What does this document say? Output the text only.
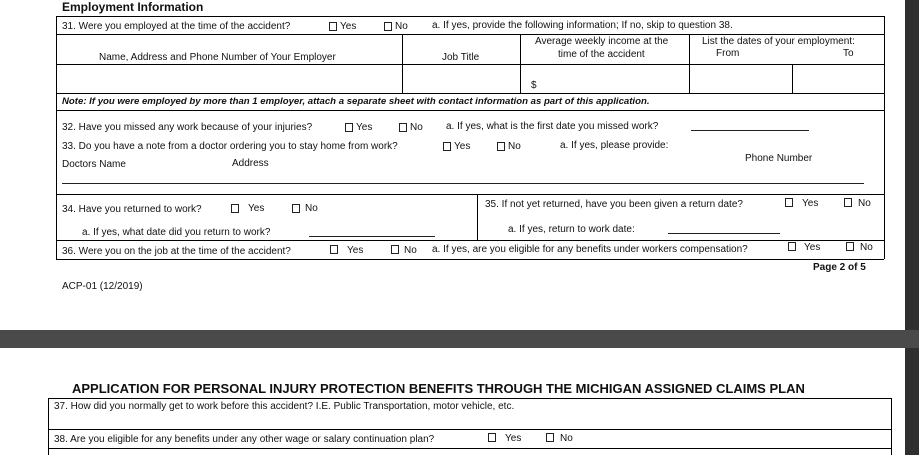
Employment Information
31. Were you employed at the time of the accident?	Yes	No a. If yes, provide the following information; If no, skip to question 38.
Name, Address and Phone Number of Your Employer	Job Title
Average weekly income at the
time of the accident
List the dates of your employment:
From	To
$
Note: If you were employed by more than 1 employer, attach a separate sheet with contact information as part of this application.
32. Have you missed any work because of your injuries?	Yes	No a. If yes, what is the first date you missed work?
33. Do you have a note from a doctor ordering you to stay home from work?	Yes	No	a. If yes, please provide:
Doctors Name	Address	Phone Number
34. Have you returned to work?	Yes	No
a. If yes, what date did you return to work?
35. If not yet returned, have you been given a return date?	Yes	No
a. If yes, return to work date:
36. Were you on the job at the time of the accident?	Yes	No a. If yes, are you eligible for any benefits under workers compensation?	Yes	No
Page 2 of 5
ACP-01 (12/2019)
APPLICATION FOR PERSONAL INJURY PROTECTION BENEFITS THROUGH THE MICHIGAN ASSIGNED CLAIMS PLAN
37. How did you normally get to work before this accident? I.E. Public Transportation, motor vehicle, etc.
38. Are you eligible for any benefits under any other wage or salary continuation plan?	Yes	No
